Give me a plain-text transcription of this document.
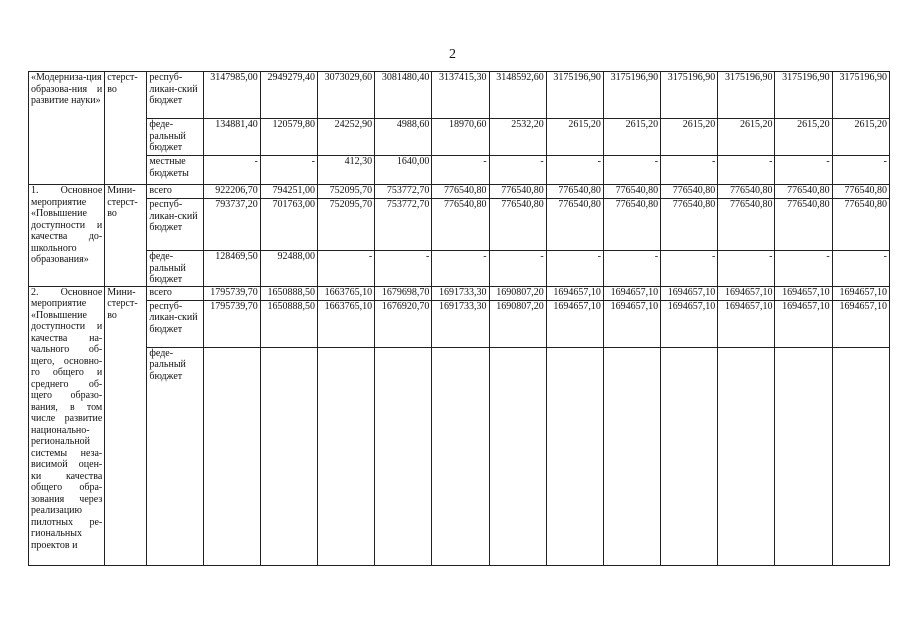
2
«Модерниза-ция образова-ния и развитие науки»	стерст-во	респуб-ликан-ский бюджет	3147985,00	2949279,40	3073029,60	3081480,40	3137415,30	3148592,60	3175196,90	3175196,90	3175196,90	3175196,90	3175196,90	3175196,90
		феде-ральный бюджет	134881,40	120579,80	24252,90	4988,60	18970,60	2532,20	2615,20	2615,20	2615,20	2615,20	2615,20	2615,20
		местные бюджеты	-	-	412,30	1640,00	-	-	-	-	-	-	-	-
1. Основное мероприятие «Повышение доступности и качества до-школьного образования»	Мини-стерст-во	всего	922206,70	794251,00	752095,70	753772,70	776540,80	776540,80	776540,80	776540,80	776540,80	776540,80	776540,80	776540,80
		респуб-ликан-ский бюджет	793737,20	701763,00	752095,70	753772,70	776540,80	776540,80	776540,80	776540,80	776540,80	776540,80	776540,80	776540,80
		феде-ральный бюджет	128469,50	92488,00	-	-	-	-	-	-	-	-	-	-
2. Основное мероприятие «Повышение доступности и качества на-чального об-щего, основно-го общего и среднего об-щего образо-вания, в том числе развитие национально-региональной системы неза-висимой оцен-ки качества общего обра-зования через реализацию пилотных ре-гиональных проектов и	Мини-стерст-во	всего	1795739,70	1650888,50	1663765,10	1679698,70	1691733,30	1690807,20	1694657,10	1694657,10	1694657,10	1694657,10	1694657,10	1694657,10
		респуб-ликан-ский бюджет	1795739,70	1650888,50	1663765,10	1676920,70	1691733,30	1690807,20	1694657,10	1694657,10	1694657,10	1694657,10	1694657,10	1694657,10
		феде-ральный бюджет												
